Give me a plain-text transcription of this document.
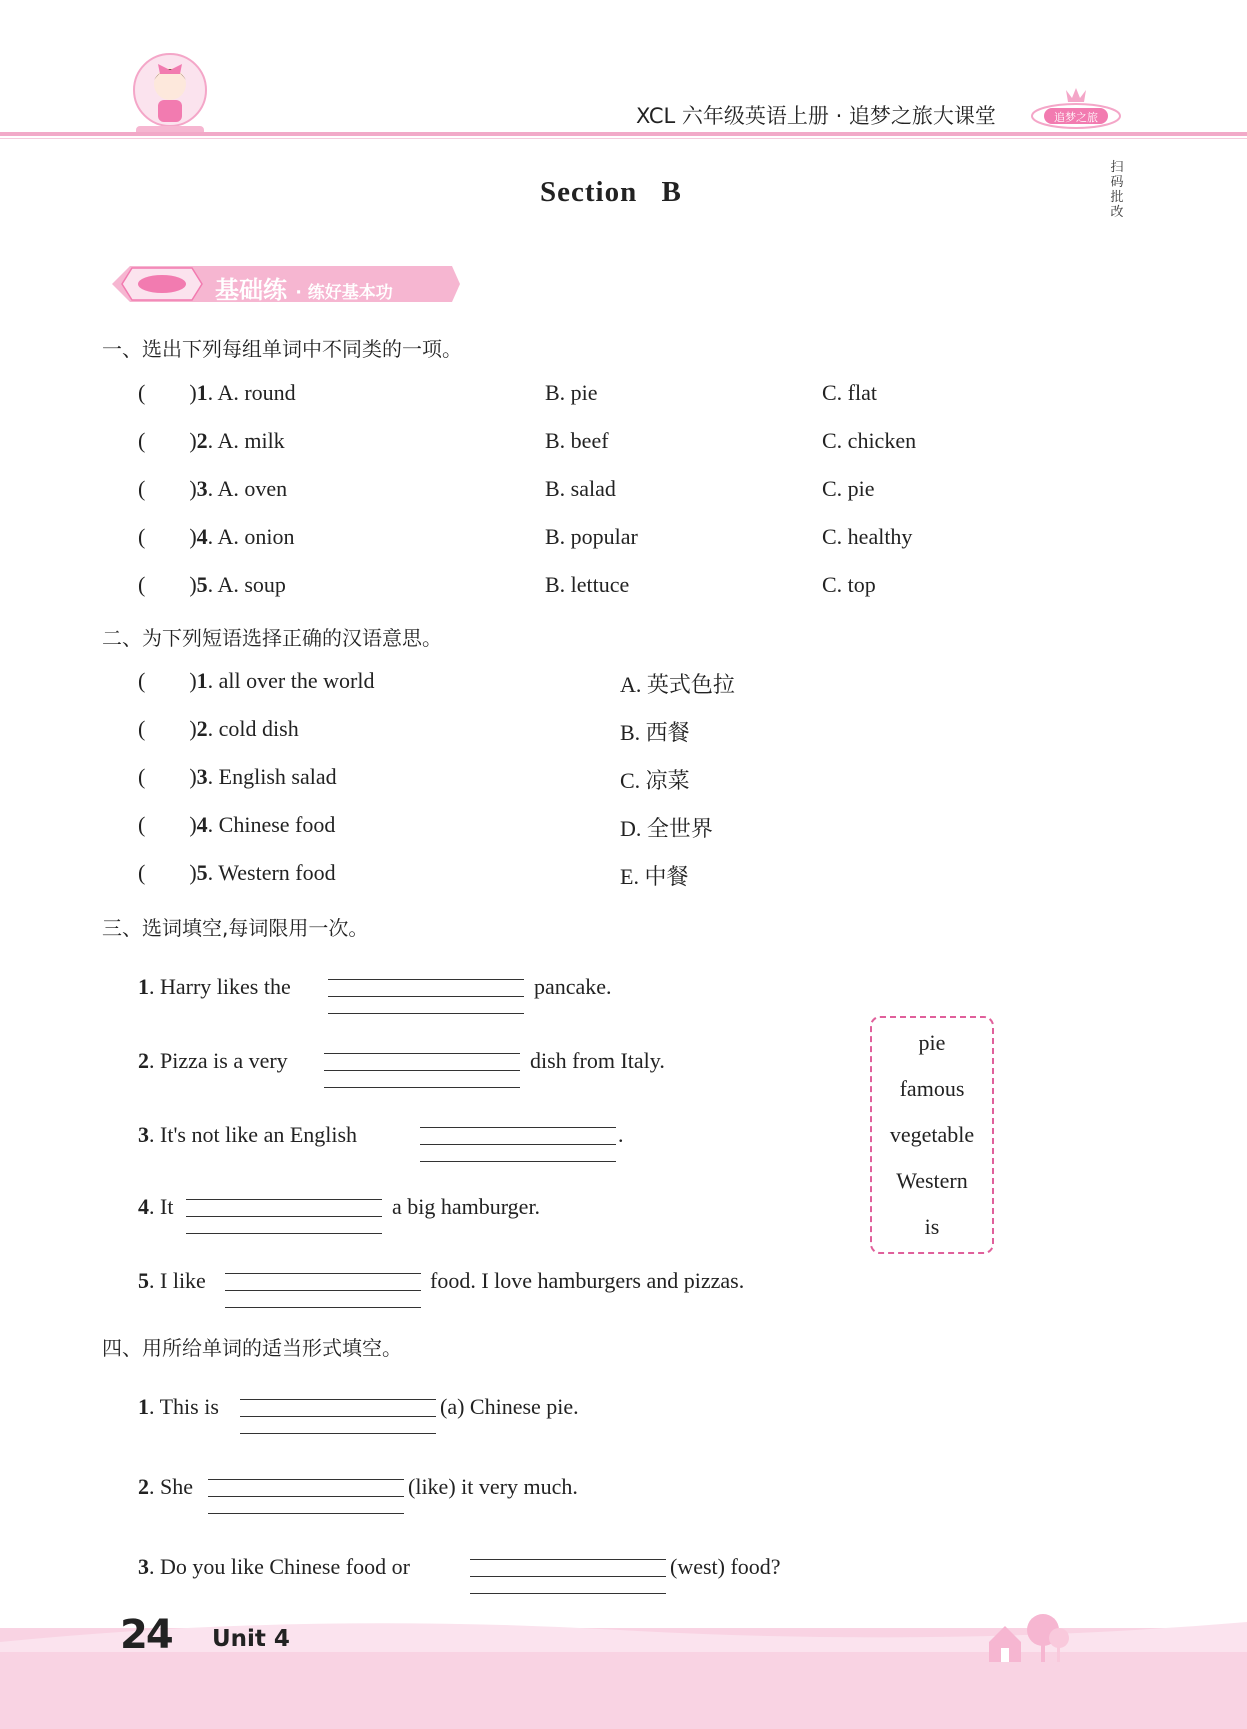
XCL 六年级英语上册 · 追梦之旅大课堂	追梦之旅
Section B
扫码批改
基础练 · 练好基本功
一、选出下列每组单词中不同类的一项。
(        )1. A. round	B. pie	C. flat
(        )2. A. milk	B. beef	C. chicken
(        )3. A. oven	B. salad	C. pie
(        )4. A. onion	B. popular	C. healthy
(        )5. A. soup	B. lettuce	C. top
二、为下列短语选择正确的汉语意思。
(        )1. all over the world	A. 英式色拉
(        )2. cold dish	B. 西餐
(        )3. English salad	C. 凉菜
(        )4. Chinese food	D. 全世界
(        )5. Western food	E. 中餐
三、选词填空,每词限用一次。
1. Harry likes the	pancake.
2. Pizza is a very	dish from Italy.
3. It's not like an English	.
4. It	a big hamburger.
5. I like	food. I love hamburgers and pizzas.
pie
famous
vegetable
Western
is
四、用所给单词的适当形式填空。
1. This is	(a) Chinese pie.
2. She	(like) it very much.
3. Do you like Chinese food or	(west) food?
24 Unit 4
